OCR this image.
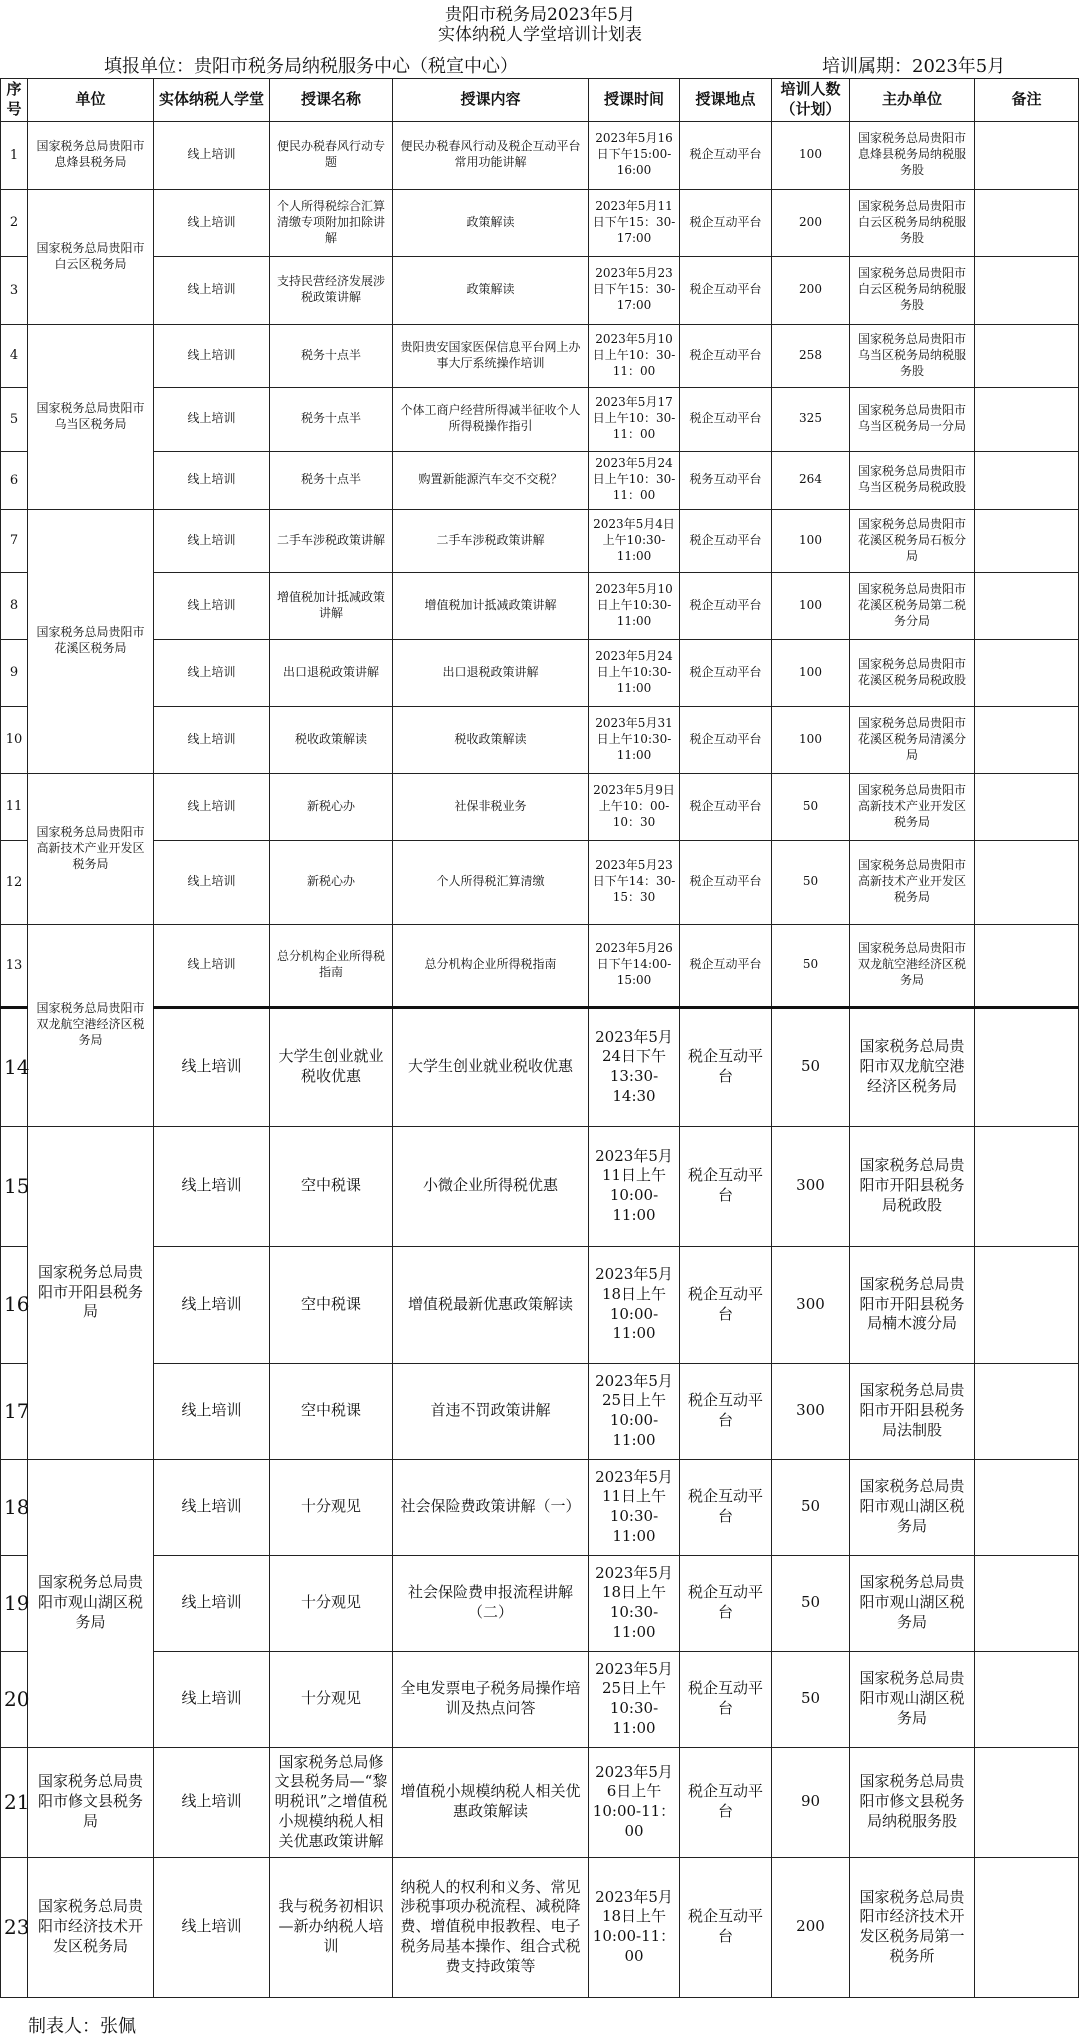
贵阳市税务局2023年5月
实体纳税人学堂培训计划表
填报单位：贵阳市税务局纳税服务中心（税宣中心）	培训属期：2023年5月
序号	单位	实体纳税人学堂	授课名称	授课内容	授课时间	授课地点	培训人数（计划）	主办单位	备注
1	国家税务总局贵阳市息烽县税务局	线上培训	便民办税春风行动专题	便民办税春风行动及税企互动平台常用功能讲解	2023年5月16日下午15:00-16:00	税企互动平台	100	国家税务总局贵阳市息烽县税务局纳税服务股	
2	国家税务总局贵阳市白云区税务局	线上培训	个人所得税综合汇算清缴专项附加扣除讲解	政策解读	2023年5月11日下午15：30-17:00	税企互动平台	200	国家税务总局贵阳市白云区税务局纳税服务股	
3		线上培训	支持民营经济发展涉税政策讲解	政策解读	2023年5月23日下午15：30-17:00	税企互动平台	200	国家税务总局贵阳市白云区税务局纳税服务股	
4	国家税务总局贵阳市乌当区税务局	线上培训	税务十点半	贵阳贵安国家医保信息平台网上办事大厅系统操作培训	2023年5月10日上午10：30-11：00	税企互动平台	258	国家税务总局贵阳市乌当区税务局纳税服务股	
5		线上培训	税务十点半	个体工商户经营所得减半征收个人所得税操作指引	2023年5月17日上午10：30-11：00	税企互动平台	325	国家税务总局贵阳市乌当区税务局一分局	
6		线上培训	税务十点半	购置新能源汽车交不交税？	2023年5月24日上午10：30-11：00	税务互动平台	264	国家税务总局贵阳市乌当区税务局税政股	
7	国家税务总局贵阳市花溪区税务局	线上培训	二手车涉税政策讲解	二手车涉税政策讲解	2023年5月4日上午10:30-11:00	税企互动平台	100	国家税务总局贵阳市花溪区税务局石板分局	
8		线上培训	增值税加计抵减政策讲解	增值税加计抵减政策讲解	2023年5月10日上午10:30-11:00	税企互动平台	100	国家税务总局贵阳市花溪区税务局第二税务分局	
9		线上培训	出口退税政策讲解	出口退税政策讲解	2023年5月24日上午10:30-11:00	税企互动平台	100	国家税务总局贵阳市花溪区税务局税政股	
10		线上培训	税收政策解读	税收政策解读	2023年5月31日上午10:30-11:00	税企互动平台	100	国家税务总局贵阳市花溪区税务局清溪分局	
11	国家税务总局贵阳市高新技术产业开发区税务局	线上培训	新税心办	社保非税业务	2023年5月9日上午10：00-10：30	税企互动平台	50	国家税务总局贵阳市高新技术产业开发区税务局	
12		线上培训	新税心办	个人所得税汇算清缴	2023年5月23日下午14：30-15：30	税企互动平台	50	国家税务总局贵阳市高新技术产业开发区税务局	
13	国家税务总局贵阳市双龙航空港经济区税务局	线上培训	总分机构企业所得税指南	总分机构企业所得税指南	2023年5月26日下午14:00-15:00	税企互动平台	50	国家税务总局贵阳市双龙航空港经济区税务局	
14		线上培训	大学生创业就业税收优惠	大学生创业就业税收优惠	2023年5月24日下午13:30-14:30	税企互动平台	50	国家税务总局贵阳市双龙航空港经济区税务局	
15	国家税务总局贵阳市开阳县税务局	线上培训	空中税课	小微企业所得税优惠	2023年5月11日上午10:00-11:00	税企互动平台	300	国家税务总局贵阳市开阳县税务局税政股	
16		线上培训	空中税课	增值税最新优惠政策解读	2023年5月18日上午10:00-11:00	税企互动平台	300	国家税务总局贵阳市开阳县税务局楠木渡分局	
17		线上培训	空中税课	首违不罚政策讲解	2023年5月25日上午10:00-11:00	税企互动平台	300	国家税务总局贵阳市开阳县税务局法制股	
18	国家税务总局贵阳市观山湖区税务局	线上培训	十分观见	社会保险费政策讲解（一）	2023年5月11日上午10:30-11:00	税企互动平台	50	国家税务总局贵阳市观山湖区税务局	
19		线上培训	十分观见	社会保险费申报流程讲解（二）	2023年5月18日上午10:30-11:00	税企互动平台	50	国家税务总局贵阳市观山湖区税务局	
20		线上培训	十分观见	全电发票电子税务局操作培训及热点问答	2023年5月25日上午10:30-11:00	税企互动平台	50	国家税务总局贵阳市观山湖区税务局	
21	国家税务总局贵阳市修文县税务局	线上培训	国家税务总局修文县税务局—“黎明税讯”之增值税小规模纳税人相关优惠政策讲解	增值税小规模纳税人相关优惠政策解读	2023年5月6日上午10:00-11：00	税企互动平台	90	国家税务总局贵阳市修文县税务局纳税服务股	
23	国家税务总局贵阳市经济技术开发区税务局	线上培训	我与税务初相识—新办纳税人培训	纳税人的权利和义务、常见涉税事项办税流程、减税降费、增值税申报教程、电子税务局基本操作、组合式税费支持政策等	2023年5月18日上午10:00-11：00	税企互动平台	200	国家税务总局贵阳市经济技术开发区税务局第一税务所	
制表人：张佩
